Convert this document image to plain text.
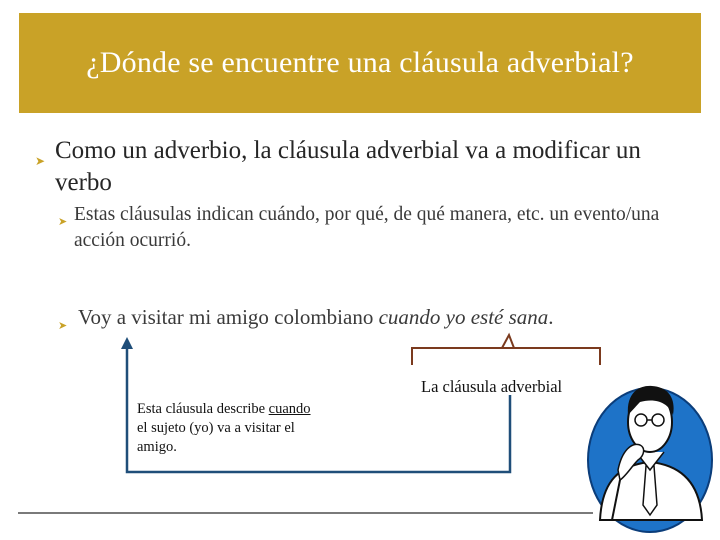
¿Dónde se encuentre una cláusula adverbial?
➤ Como un adverbio, la cláusula adverbial va a modificar un verbo
➤ Estas cláusulas indican cuándo, por qué, de qué manera, etc. un evento/una acción ocurrió.
➤ Voy a visitar mi amigo colombiano cuando yo esté sana.
La cláusula adverbial
Esta cláusula describe cuando el sujeto (yo) va a visitar el amigo.
